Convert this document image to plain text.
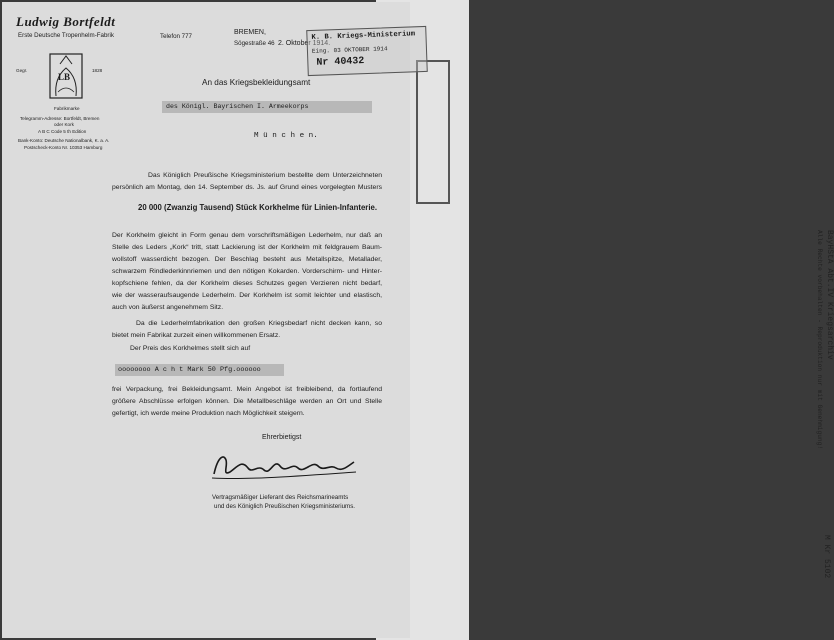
BayHStA Abt.IV Kriegsarchiv
Alle Rechte vorbehalten - Reproduktion nur mit Genehmigung!
M Kr 5102
Ludwig Bortfeldt
Erste Deutsche Tropenhelm-Fabrik	Telefon 777
BREMEN,
Sögestraße 46 2. Oktober 1914.
Gegr.	1828
LB
Fabrikmarke
Telegramm-Adresse: Bortfeldt, Bremen
oder Kork
A B C Code 5 th Edition
Bank-Konto: Deutsche Nationalbank, K. a. A.
Postscheck-Konto Nr. 10353 Hamburg
K. B. Kriegs-Ministerium
Eing. 03 OKTOBER 1914
Nr 40432
An das Kriegsbekleidungsamt
des Königl. Bayrischen I. Armeekorps
M ü n c h e n.
Das Königlich Preußische Kriegsministerium bestellte dem Unterzeichneten
persönlich am Montag, den 14. September ds. Js. auf Grund eines vorgelegten Musters
20 000 (Zwanzig Tausend) Stück Korkhelme für Linien-Infanterie.
Der Korkhelm gleicht in Form genau dem vorschriftsmäßigen Lederhelm, nur daß an
Stelle des Leders „Kork“ tritt, statt Lackierung ist der Korkhelm mit feldgrauem Baum-
wollstoff wasserdicht bezogen. Der Beschlag besteht aus Metallspitze, Metallader,
schwarzem Rindlederkinnriemen und den nötigen Kokarden. Vorderschirm- und Hinter-
kopfschiene fehlen, da der Korkhelm dieses Schutzes gegen Verzieren nicht bedarf,
wie der wasseraufsaugende Lederhelm. Der Korkhelm ist somit leichter und elastisch,
auch von äußerst angenehmem Sitz.
Da die Lederhelmfabrikation den großen Kriegsbedarf nicht decken kann, so
bietet mein Fabrikat zurzeit einen willkommenen Ersatz.
Der Preis des Korkhelmes stellt sich auf
oooooooo A c h t Mark 50 Pfg.oooooo
frei Verpackung, frei Bekleidungsamt. Mein Angebot ist freibleibend, da fortlaufend
größere Abschlüsse erfolgen können. Die Metallbeschläge werden an Ort und Stelle
gefertigt, ich werde meine Produktion nach Möglichkeit steigern.
Ehrerbietigst
Vertragsmäßiger Lieferant des Reichsmarineamts
und des Königlich Preußischen Kriegsministeriums.
